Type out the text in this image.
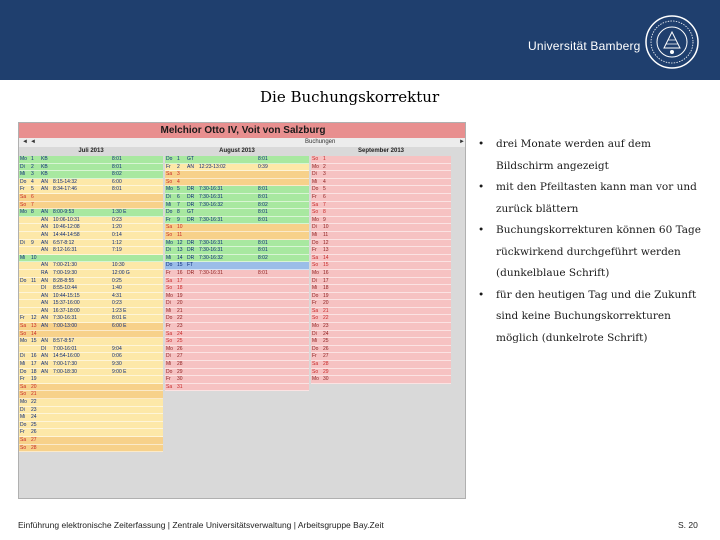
Universität Bamberg
Die Buchungskorrektur
Melchior Otto IV, Voit von Salzburg
◄ ◄	►
Buchungen
Juli 2013	August 2013	September 2013
Mo 1 KB	8:01
Di 2 KB	8:01
Mi 3 KB	8:02
Do 4 AN 8:15-14:32	6:00
Fr 5 AN 8:34-17:46	8:01
Sa 6
So 7
Mo 8 AN 8:00-9:53	1:30 E
AN 10:06-10:31	0:23
AN 10:46-12:08	1:20
AN 14:44-14:58	0:14
Di 9 AN 6:57-8:12	1:12
AN 8:12-16:31	7:19
Mi 10
AN 7:00-21:30	10:30
RA 7:00-19:30	12:00 G
Do 11 AN 8:28-8:55	0:25
DI 8:55-10:44	1:40
AN 10:44-15:15	4:31
AN 15:37-16:00	0:23
AN 16:37-18:00	1:23 E
Fr 12 AN 7:30-16:31	8:01 E
Sa 13 AN 7:00-13:00	6:00 E
So 14
Mo 15 AN 8:57-8:57
DI 7:00-16:01	9:04
Di 16 AN 14:54-16:00	0:06
Mi 17 AN 7:00-17:30	9:30
Do 18 AN 7:00-18:30	9:00 E
Fr 19
Sa 20
So 21
Mo 22
Di 23
Mi 24
Do 25
Fr 26
Sa 27
So 28
Do 1 GT	8:01
Fr 2 AN 12:23-13:02	0:39
Sa 3
So 4
Mo 5 DR 7:30-16:31	8:01
Di 6 DR 7:30-16:31	8:01
Mi 7 DR 7:30-16:32	8:02
Do 8 GT	8:01
Fr 9 DR 7:30-16:31	8:01
Sa 10
So 11
Mo 12 DR 7:30-16:31	8:01
Di 13 DR 7:30-16:31	8:01
Mi 14 DR 7:30-16:32	8:02
Do 15 FT
Fr 16 DR 7:30-16:31	8:01
Sa 17
So 18
Mo 19
Di 20
Mi 21
Do 22
Fr 23
Sa 24
So 25
Mo 26
Di 27
Mi 28
Do 29
Fr 30
Sa 31
So 1
Mo 2
Di 3
Mi 4
Do 5
Fr 6
Sa 7
So 8
Mo 9
Di 10
Mi 11
Do 12
Fr 13
Sa 14
So 15
Mo 16
Di 17
Mi 18
Do 19
Fr 20
Sa 21
So 22
Mo 23
Di 24
Mi 25
Do 26
Fr 27
Sa 28
So 29
Mo 30
• drei Monate werden auf dem Bildschirm angezeigt
• mit den Pfeiltasten kann man vor und zurück blättern
• Buchungskorrekturen können 60 Tage rückwirkend durchgeführt werden (dunkelblaue Schrift)
• für den heutigen Tag und die Zukunft sind keine Buchungskorrekturen möglich (dunkelrote Schrift)
Einführung elektronische Zeiterfassung | Zentrale Universitätsverwaltung | Arbeitsgruppe Bay.Zeit	S. 20
